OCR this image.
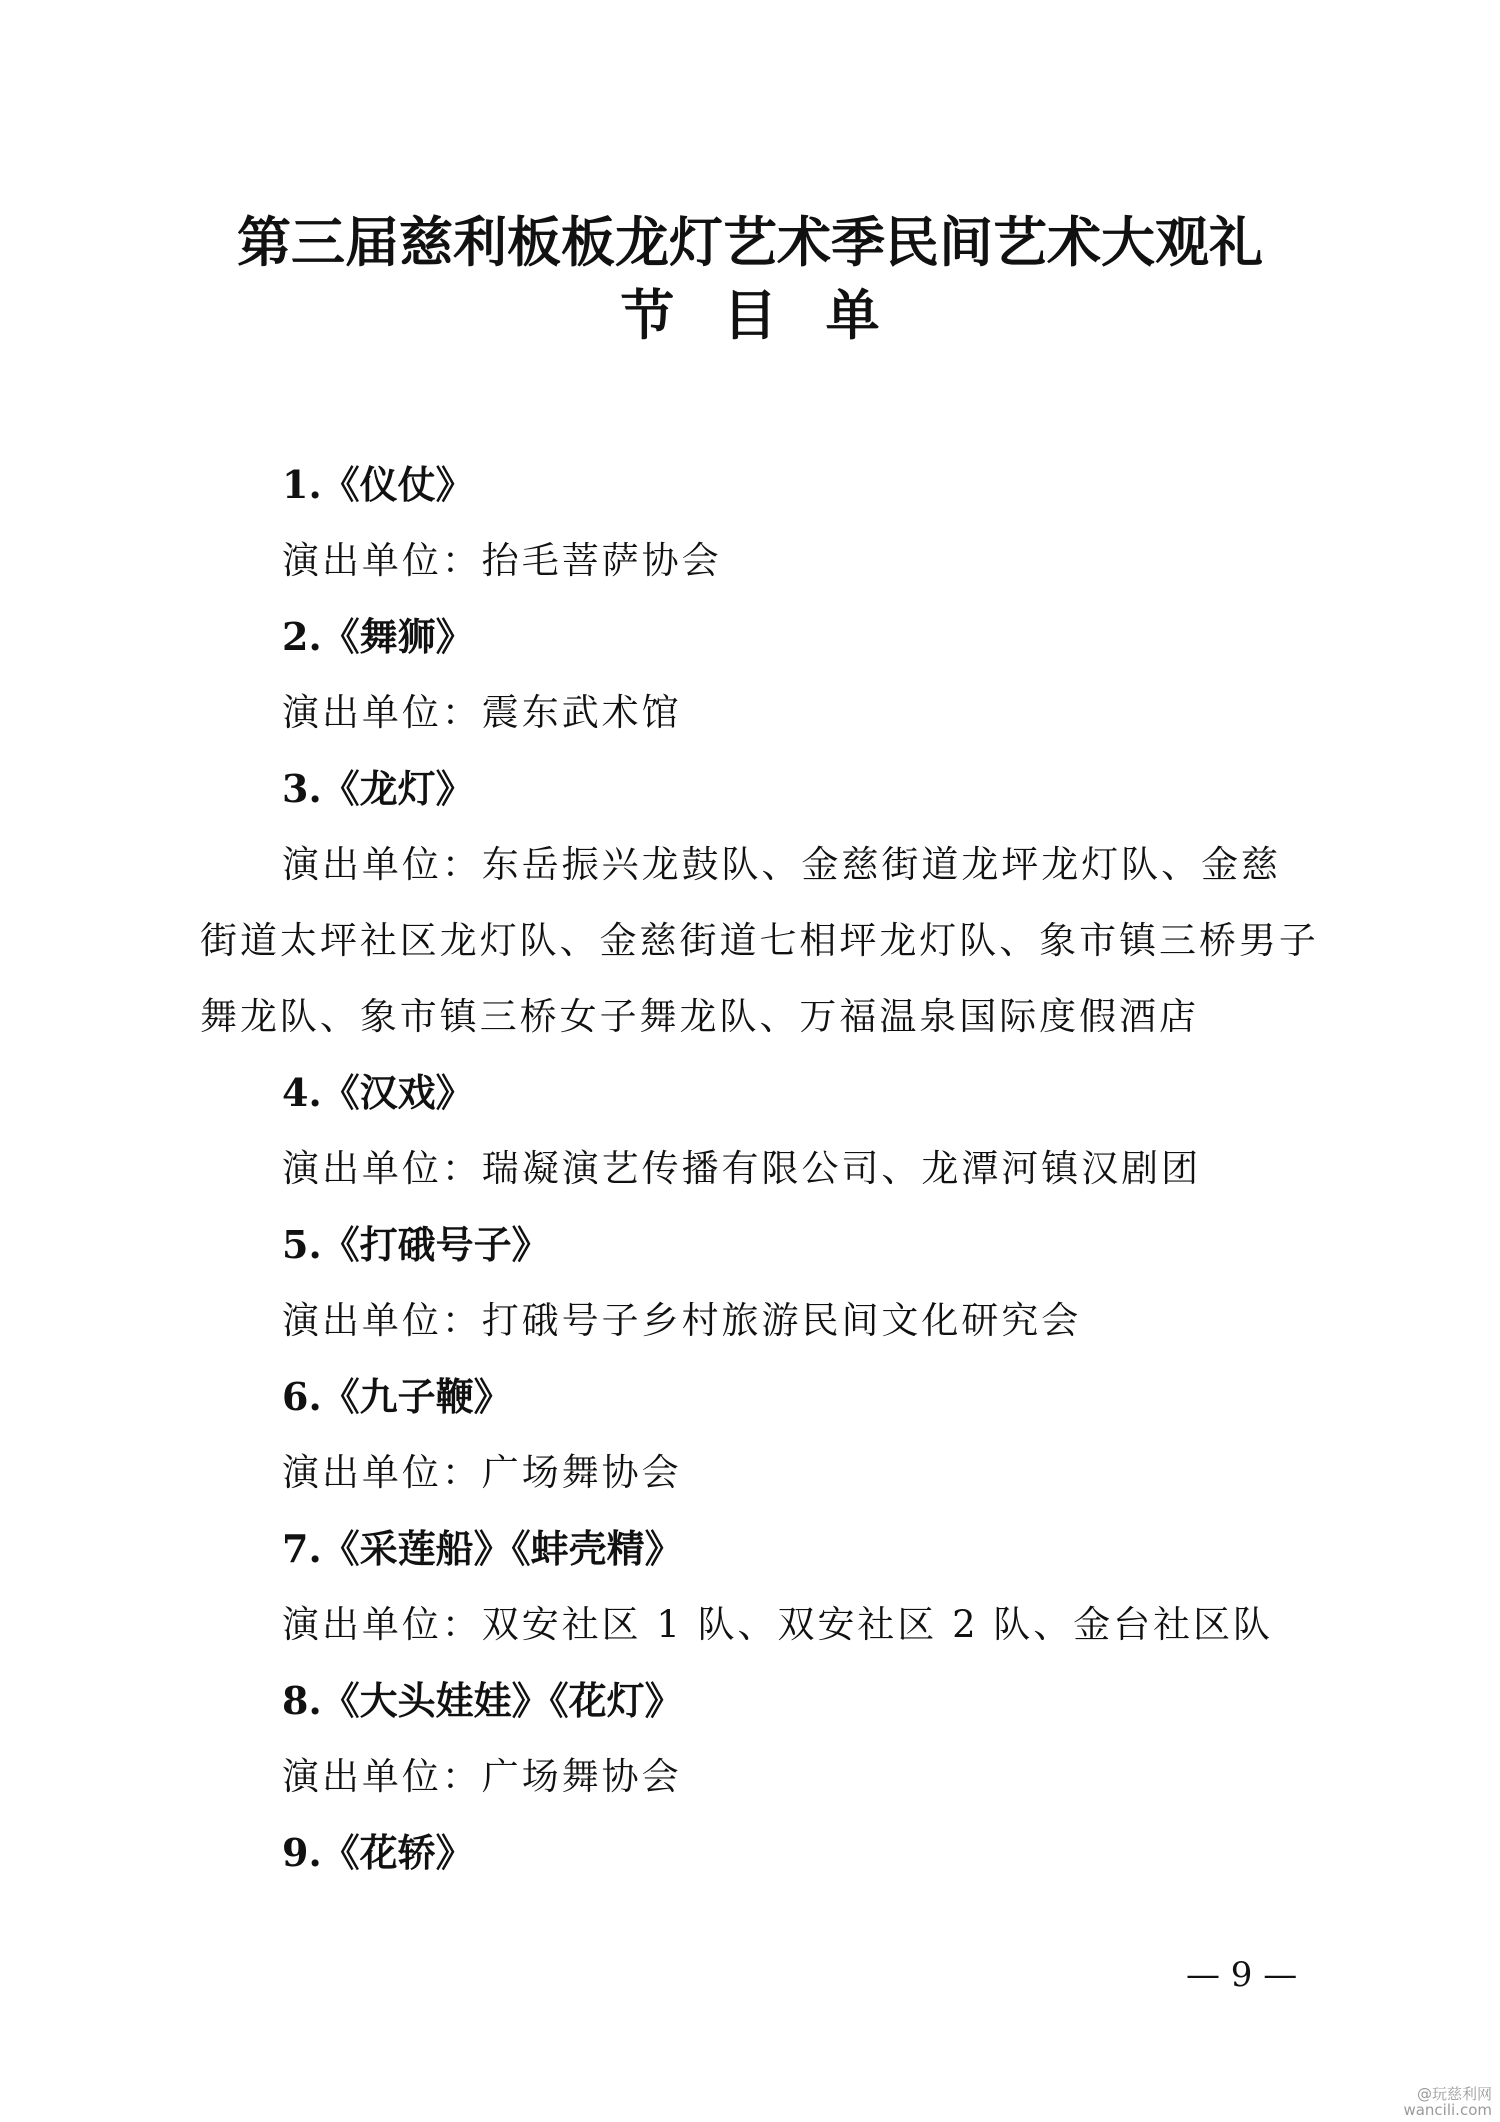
第三届慈利板板龙灯艺术季民间艺术大观礼
节目单

1.《仪仗》

演出单位：抬毛菩萨协会

2.《舞狮》

演出单位：震东武术馆

3.《龙灯》

演出单位：东岳振兴龙鼓队、金慈街道龙坪龙灯队、金慈街道太坪社区龙灯队、金慈街道七相坪龙灯队、象市镇三桥男子舞龙队、象市镇三桥女子舞龙队、万福温泉国际度假酒店

4.《汉戏》

演出单位：瑞凝演艺传播有限公司、龙潭河镇汉剧团

5.《打硪号子》

演出单位：打硪号子乡村旅游民间文化研究会

6.《九子鞭》

演出单位：广场舞协会

7.《采莲船》《蚌壳精》

演出单位：双安社区 1 队、双安社区 2 队、金台社区队

8.《大头娃娃》《花灯》

演出单位：广场舞协会

9.《花轿》

— 9 —
@玩慈利网
wancili.com
